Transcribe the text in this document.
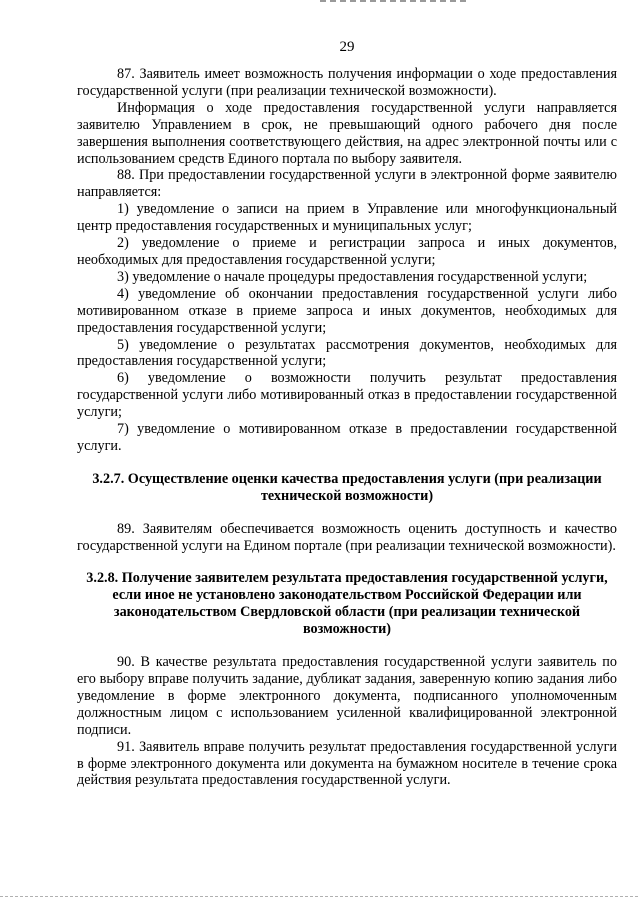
29

87. Заявитель имеет возможность получения информации о ходе предоставления государственной услуги (при реализации технической возможности).

Информация о ходе предоставления государственной услуги направляется заявителю Управлением в срок, не превышающий одного рабочего дня после завершения выполнения соответствующего действия, на адрес электронной почты или с использованием средств Единого портала по выбору заявителя.

88. При предоставлении государственной услуги в электронной форме заявителю направляется:

1) уведомление о записи на прием в Управление или многофункциональный центр предоставления государственных и муниципальных услуг;

2) уведомление о приеме и регистрации запроса и иных документов, необходимых для предоставления государственной услуги;

3) уведомление о начале процедуры предоставления государственной услуги;

4) уведомление об окончании предоставления государственной услуги либо мотивированном отказе в приеме запроса и иных документов, необходимых для предоставления государственной услуги;

5) уведомление о результатах рассмотрения документов, необходимых для предоставления государственной услуги;

6) уведомление о возможности получить результат предоставления государственной услуги либо мотивированный отказ в предоставлении государственной услуги;

7) уведомление о мотивированном отказе в предоставлении государственной услуги.

3.2.7. Осуществление оценки качества предоставления услуги (при реализации технической возможности)

89. Заявителям обеспечивается возможность оценить доступность и качество государственной услуги на Едином портале (при реализации технической возможности).

3.2.8. Получение заявителем результата предоставления государственной услуги, если иное не установлено законодательством Российской Федерации или законодательством Свердловской области (при реализации технической возможности)

90. В качестве результата предоставления государственной услуги заявитель по его выбору вправе получить задание, дубликат задания, заверенную копию задания либо уведомление в форме электронного документа, подписанного уполномоченным должностным лицом с использованием усиленной квалифицированной электронной подписи.

91. Заявитель вправе получить результат предоставления государственной услуги в форме электронного документа или документа на бумажном носителе в течение срока действия результата предоставления государственной услуги.
